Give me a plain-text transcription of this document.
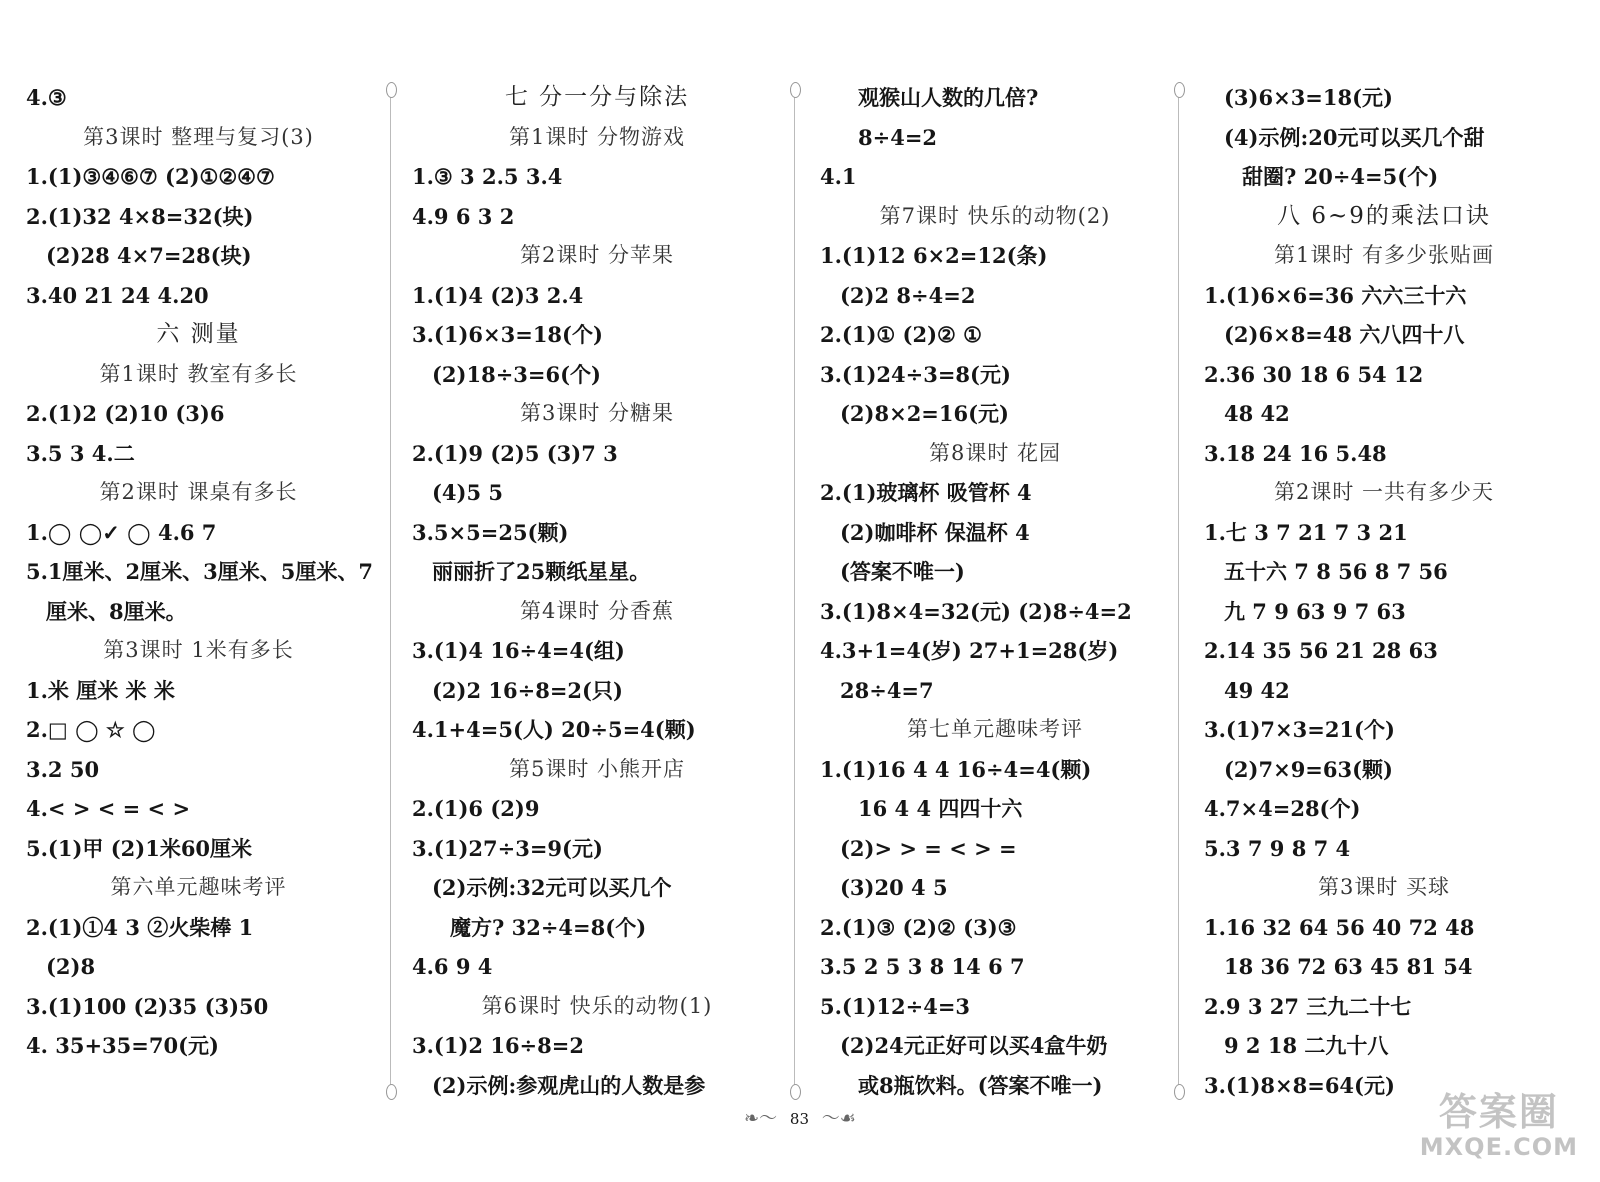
4.③
第3课时 整理与复习(3)
1.(1)③④⑥⑦ (2)①②④⑦
2.(1)32 4×8=32(块)
(2)28 4×7=28(块)
3.40 21 24 4.20
六 测量
第1课时 教室有多长
2.(1)2 (2)10 (3)6
3.5 3 4.二
第2课时 课桌有多长
1.◯ ◯✓ ◯ 4.6 7
5.1厘米、2厘米、3厘米、5厘米、7
厘米、8厘米。
第3课时 1米有多长
1.米 厘米 米 米
2.□ ◯ ☆ ◯
3.2 50
4.< > < = < >
5.(1)甲 (2)1米60厘米
第六单元趣味考评
2.(1)①4 3 ②火柴棒 1
(2)8
3.(1)100 (2)35 (3)50
4. 35+35=70(元)
七 分一分与除法
第1课时 分物游戏
1.③ 3 2.5 3.4
4.9 6 3 2
第2课时 分苹果
1.(1)4 (2)3 2.4
3.(1)6×3=18(个)
(2)18÷3=6(个)
第3课时 分糖果
2.(1)9 (2)5 (3)7 3
(4)5 5
3.5×5=25(颗)
丽丽折了25颗纸星星。
第4课时 分香蕉
3.(1)4 16÷4=4(组)
(2)2 16÷8=2(只)
4.1+4=5(人) 20÷5=4(颗)
第5课时 小熊开店
2.(1)6 (2)9
3.(1)27÷3=9(元)
(2)示例:32元可以买几个
魔方? 32÷4=8(个)
4.6 9 4
第6课时 快乐的动物(1)
3.(1)2 16÷8=2
(2)示例:参观虎山的人数是参
观猴山人数的几倍?
8÷4=2
4.1
第7课时 快乐的动物(2)
1.(1)12 6×2=12(条)
(2)2 8÷4=2
2.(1)① (2)② ①
3.(1)24÷3=8(元)
(2)8×2=16(元)
第8课时 花园
2.(1)玻璃杯 吸管杯 4
(2)咖啡杯 保温杯 4
(答案不唯一)
3.(1)8×4=32(元) (2)8÷4=2
4.3+1=4(岁) 27+1=28(岁)
28÷4=7
第七单元趣味考评
1.(1)16 4 4 16÷4=4(颗)
16 4 4 四四十六
(2)> > = < > =
(3)20 4 5
2.(1)③ (2)② (3)③
3.5 2 5 3 8 14 6 7
5.(1)12÷4=3
(2)24元正好可以买4盒牛奶
或8瓶饮料。(答案不唯一)
(3)6×3=18(元)
(4)示例:20元可以买几个甜
甜圈? 20÷4=5(个)
八 6~9的乘法口诀
第1课时 有多少张贴画
1.(1)6×6=36 六六三十六
(2)6×8=48 六八四十八
2.36 30 18 6 54 12
48 42
3.18 24 16 5.48
第2课时 一共有多少天
1.七 3 7 21 7 3 21
五十六 7 8 56 8 7 56
九 7 9 63 9 7 63
2.14 35 56 21 28 63
49 42
3.(1)7×3=21(个)
(2)7×9=63(颗)
4.7×4=28(个)
5.3 7 9 8 7 4
第3课时 买球
1.16 32 64 56 40 72 48
18 36 72 63 45 81 54
2.9 3 27 三九二十七
9 2 18 二九十八
3.(1)8×8=64(元)
❧～ 83 ～☙	答案圈
MXQE.COM
